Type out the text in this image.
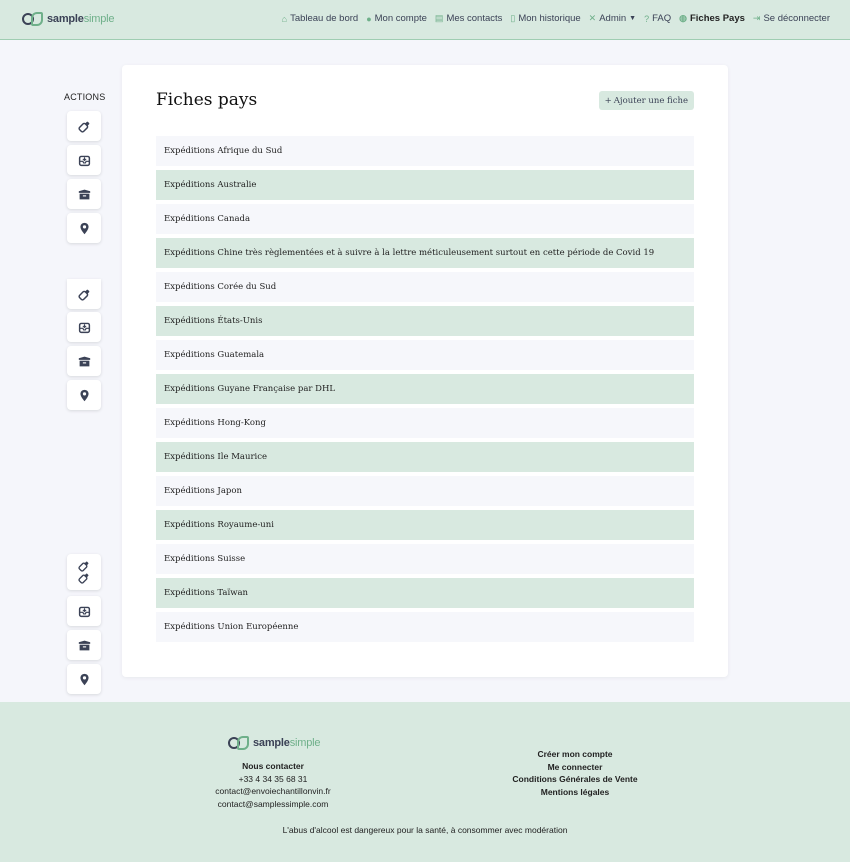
samplesimple	⌂ Tableau de bord ● Mon compte ▤ Mes contacts ▯ Mon historique ✕ Admin ▼ ? FAQ ◍ Fiches Pays ⇥ Se déconnecter
ACTIONS	Fiches pays	+ Ajouter une fiche
Expéditions Afrique du Sud
Expéditions Australie
Expéditions Canada
Expéditions Chine très règlementées et à suivre à la lettre méticuleusement surtout en cette période de Covid 19
Expéditions Corée du Sud
Expéditions États-Unis
Expéditions Guatemala
Expéditions Guyane Française par DHL
Expéditions Hong-Kong
Expéditions Ile Maurice
Expéditions Japon
Expéditions Royaume-uni
Expéditions Suisse
Expéditions Taïwan
Expéditions Union Européenne
samplesimple
Nous contacter
+33 4 34 35 68 31
contact@envoiechantillonvin.fr
contact@samplessimple.com
Créer mon compte
Me connecter
Conditions Générales de Vente
Mentions légales
L'abus d'alcool est dangereux pour la santé, à consommer avec modération
